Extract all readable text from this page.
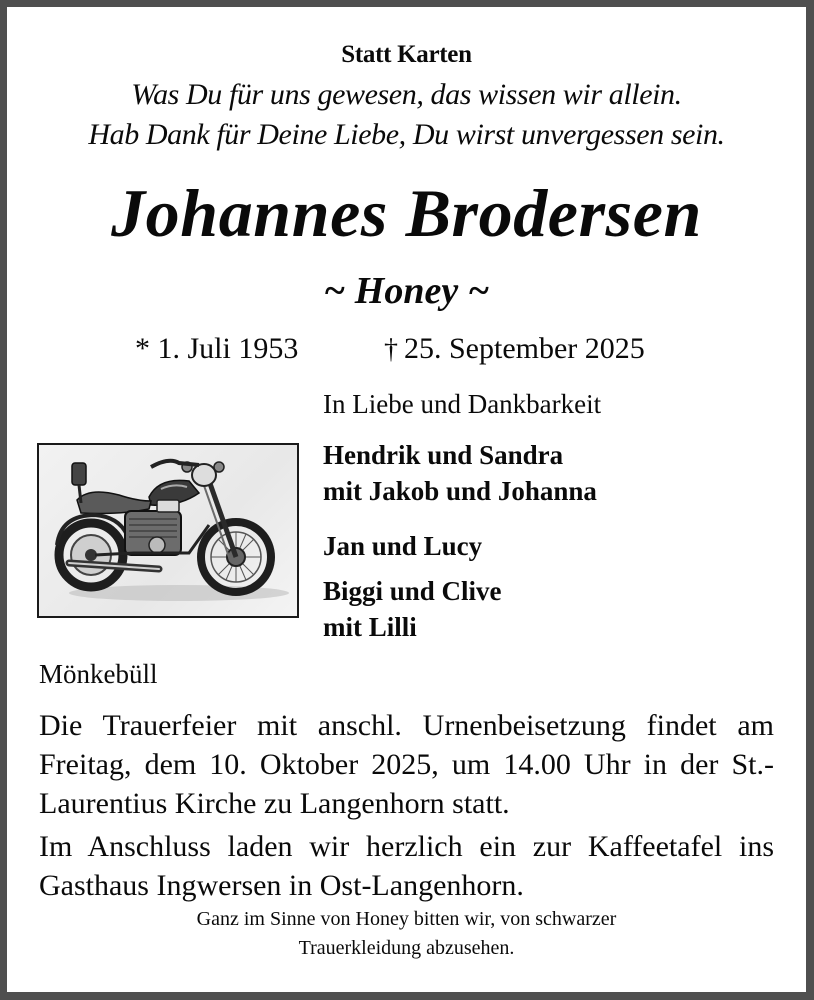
Statt Karten
Was Du für uns gewesen, das wissen wir allein.
Hab Dank für Deine Liebe, Du wirst unvergessen sein.
Johannes Brodersen
~ Honey ~
* 1. Juli 1953	† 25. September 2025
In Liebe und Dankbarkeit
Hendrik und Sandra
mit Jakob und Johanna
Jan und Lucy
Biggi und Clive
mit Lilli
Mönkebüll
Die Trauerfeier mit anschl. Urnenbeisetzung findet am Freitag, dem 10. Oktober 2025, um 14.00 Uhr in der St.-Laurentius Kirche zu Langenhorn statt.
Im Anschluss laden wir herzlich ein zur Kaffeetafel ins Gasthaus Ingwersen in Ost-Langenhorn.
Ganz im Sinne von Honey bitten wir, von schwarzer
Trauerkleidung abzusehen.
